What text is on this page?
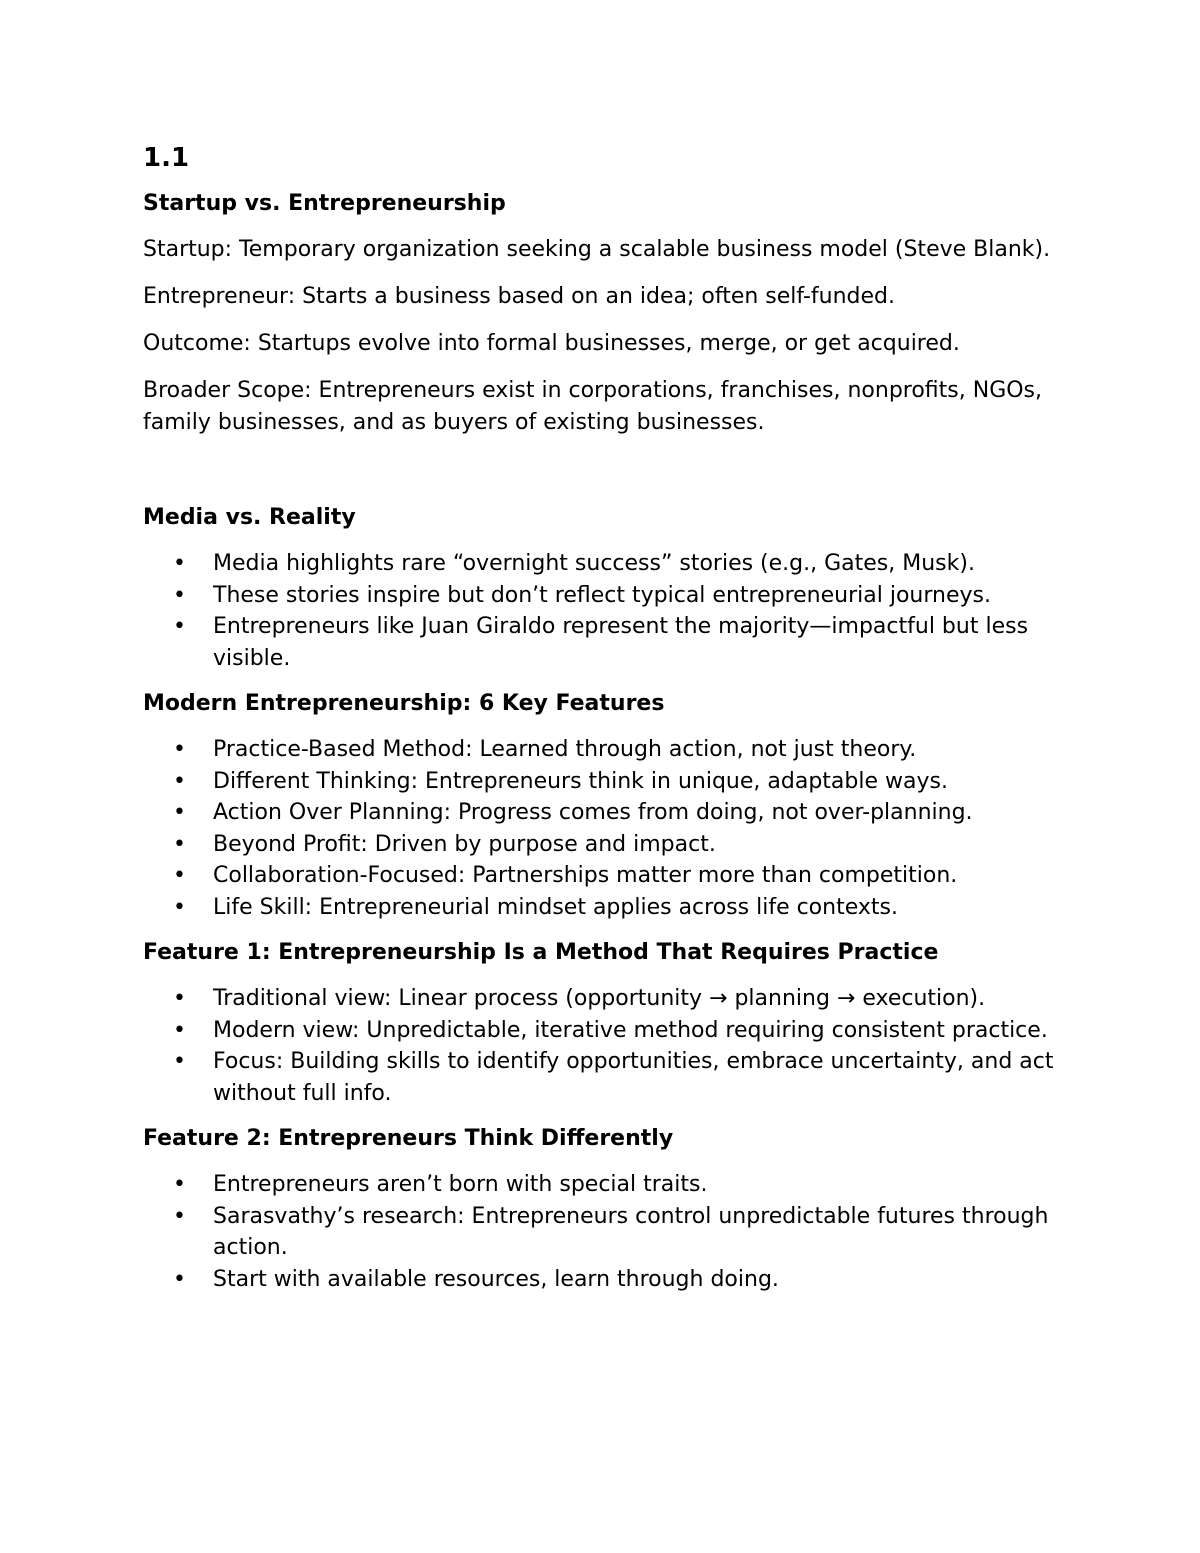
1.1
Startup vs. Entrepreneurship
Startup: Temporary organization seeking a scalable business model (Steve Blank).
Entrepreneur: Starts a business based on an idea; often self-funded.
Outcome: Startups evolve into formal businesses, merge, or get acquired.
Broader Scope: Entrepreneurs exist in corporations, franchises, nonprofits, NGOs, family businesses, and as buyers of existing businesses.
Media vs. Reality
• Media highlights rare “overnight success” stories (e.g., Gates, Musk).
• These stories inspire but don’t reflect typical entrepreneurial journeys.
• Entrepreneurs like Juan Giraldo represent the majority—impactful but less visible.
Modern Entrepreneurship: 6 Key Features
• Practice-Based Method: Learned through action, not just theory.
• Different Thinking: Entrepreneurs think in unique, adaptable ways.
• Action Over Planning: Progress comes from doing, not over-planning.
• Beyond Profit: Driven by purpose and impact.
• Collaboration-Focused: Partnerships matter more than competition.
• Life Skill: Entrepreneurial mindset applies across life contexts.
Feature 1: Entrepreneurship Is a Method That Requires Practice
• Traditional view: Linear process (opportunity → planning → execution).
• Modern view: Unpredictable, iterative method requiring consistent practice.
• Focus: Building skills to identify opportunities, embrace uncertainty, and act without full info.
Feature 2: Entrepreneurs Think Differently
• Entrepreneurs aren’t born with special traits.
• Sarasvathy’s research: Entrepreneurs control unpredictable futures through action.
• Start with available resources, learn through doing.
